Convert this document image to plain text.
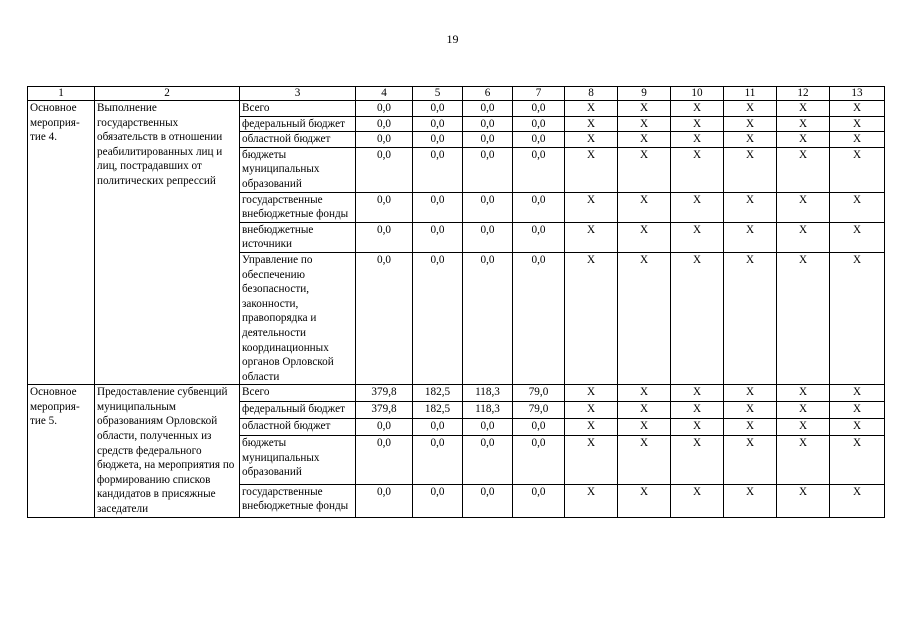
19
1	2	3	4	5	6	7	8	9	10	11	12	13
Основное мероприя-тие 4.	Выполнение государственных обязательств в отношении реабилитированных лиц и лиц, пострадавших от политических репрессий	Всего	0,0	0,0	0,0	0,0	X	X	X	X	X	X
		федеральный бюджет	0,0	0,0	0,0	0,0	X	X	X	X	X	X
		областной бюджет	0,0	0,0	0,0	0,0	X	X	X	X	X	X
		бюджеты муниципальных образований	0,0	0,0	0,0	0,0	X	X	X	X	X	X
		государственные внебюджетные фонды	0,0	0,0	0,0	0,0	X	X	X	X	X	X
		внебюджетные источники	0,0	0,0	0,0	0,0	X	X	X	X	X	X
		Управление по обеспечению безопасности, законности, правопорядка и деятельности координационных органов Орловской области	0,0	0,0	0,0	0,0	X	X	X	X	X	X
Основное мероприя-тие 5.	Предоставление субвенций муниципальным образованиям Орловской области, полученных из средств федерального бюджета, на мероприятия по формированию списков кандидатов в присяжные заседатели	Всего	379,8	182,5	118,3	79,0	X	X	X	X	X	X
		федеральный бюджет	379,8	182,5	118,3	79,0	X	X	X	X	X	X
		областной бюджет	0,0	0,0	0,0	0,0	X	X	X	X	X	X
		бюджеты муниципальных образований	0,0	0,0	0,0	0,0	X	X	X	X	X	X
		государственные внебюджетные фонды	0,0	0,0	0,0	0,0	X	X	X	X	X	X
